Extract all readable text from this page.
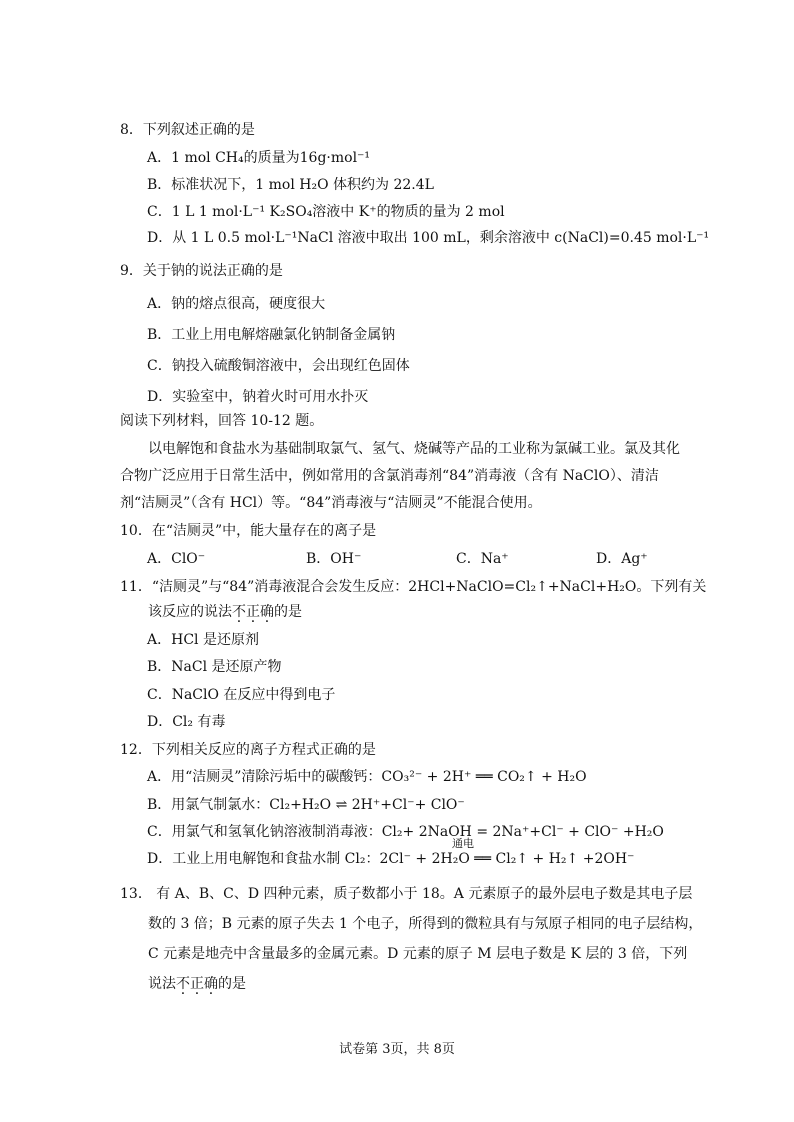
8．下列叙述正确的是
A．1 mol CH₄的质量为16g·mol⁻¹
B．标准状况下，1 mol H₂O 体积约为 22.4L
C．1 L 1 mol·L⁻¹ K₂SO₄溶液中 K⁺的物质的量为 2 mol
D．从 1 L 0.5 mol·L⁻¹NaCl 溶液中取出 100 mL，剩余溶液中 c(NaCl)=0.45 mol·L⁻¹
9．关于钠的说法正确的是
A．钠的熔点很高，硬度很大
B．工业上用电解熔融氯化钠制备金属钠
C．钠投入硫酸铜溶液中，会出现红色固体
D．实验室中，钠着火时可用水扑灭
阅读下列材料，回答 10-12 题。
以电解饱和食盐水为基础制取氯气、氢气、烧碱等产品的工业称为氯碱工业。氯及其化
合物广泛应用于日常生活中，例如常用的含氯消毒剂“84”消毒液（含有 NaClO）、清洁
剂“洁厕灵”（含有 HCl）等。“84”消毒液与“洁厕灵”不能混合使用。
10．在“洁厕灵”中，能大量存在的离子是
A．ClO⁻	B．OH⁻	C．Na⁺	D．Ag⁺
11．“洁厕灵”与“84”消毒液混合会发生反应：2HCl+NaClO=Cl₂↑+NaCl+H₂O。下列有关
该反应的说法不正确的是
A．HCl 是还原剂
B．NaCl 是还原产物
C．NaClO 在反应中得到电子
D．Cl₂ 有毒
12．下列相关反应的离子方程式正确的是
A．用“洁厕灵”清除污垢中的碳酸钙：CO₃²⁻ + 2H⁺ ══ CO₂↑ + H₂O
B．用氯气制氯水：Cl₂+H₂O ⇌ 2H⁺+Cl⁻+ ClO⁻
C．用氯气和氢氧化钠溶液制消毒液：Cl₂+ 2NaOH = 2Na⁺+Cl⁻ + ClO⁻ +H₂O
通电
D．工业上用电解饱和食盐水制 Cl₂：2Cl⁻ + 2H₂O ══ Cl₂↑ + H₂↑ +2OH⁻
13． 有 A、B、C、D 四种元素，质子数都小于 18。A 元素原子的最外层电子数是其电子层
数的 3 倍；B 元素的原子失去 1 个电子，所得到的微粒具有与氖原子相同的电子层结构，
C 元素是地壳中含量最多的金属元素。D 元素的原子 M 层电子数是 K 层的 3 倍，下列
说法不正确的是
试卷第 3页，共 8页
